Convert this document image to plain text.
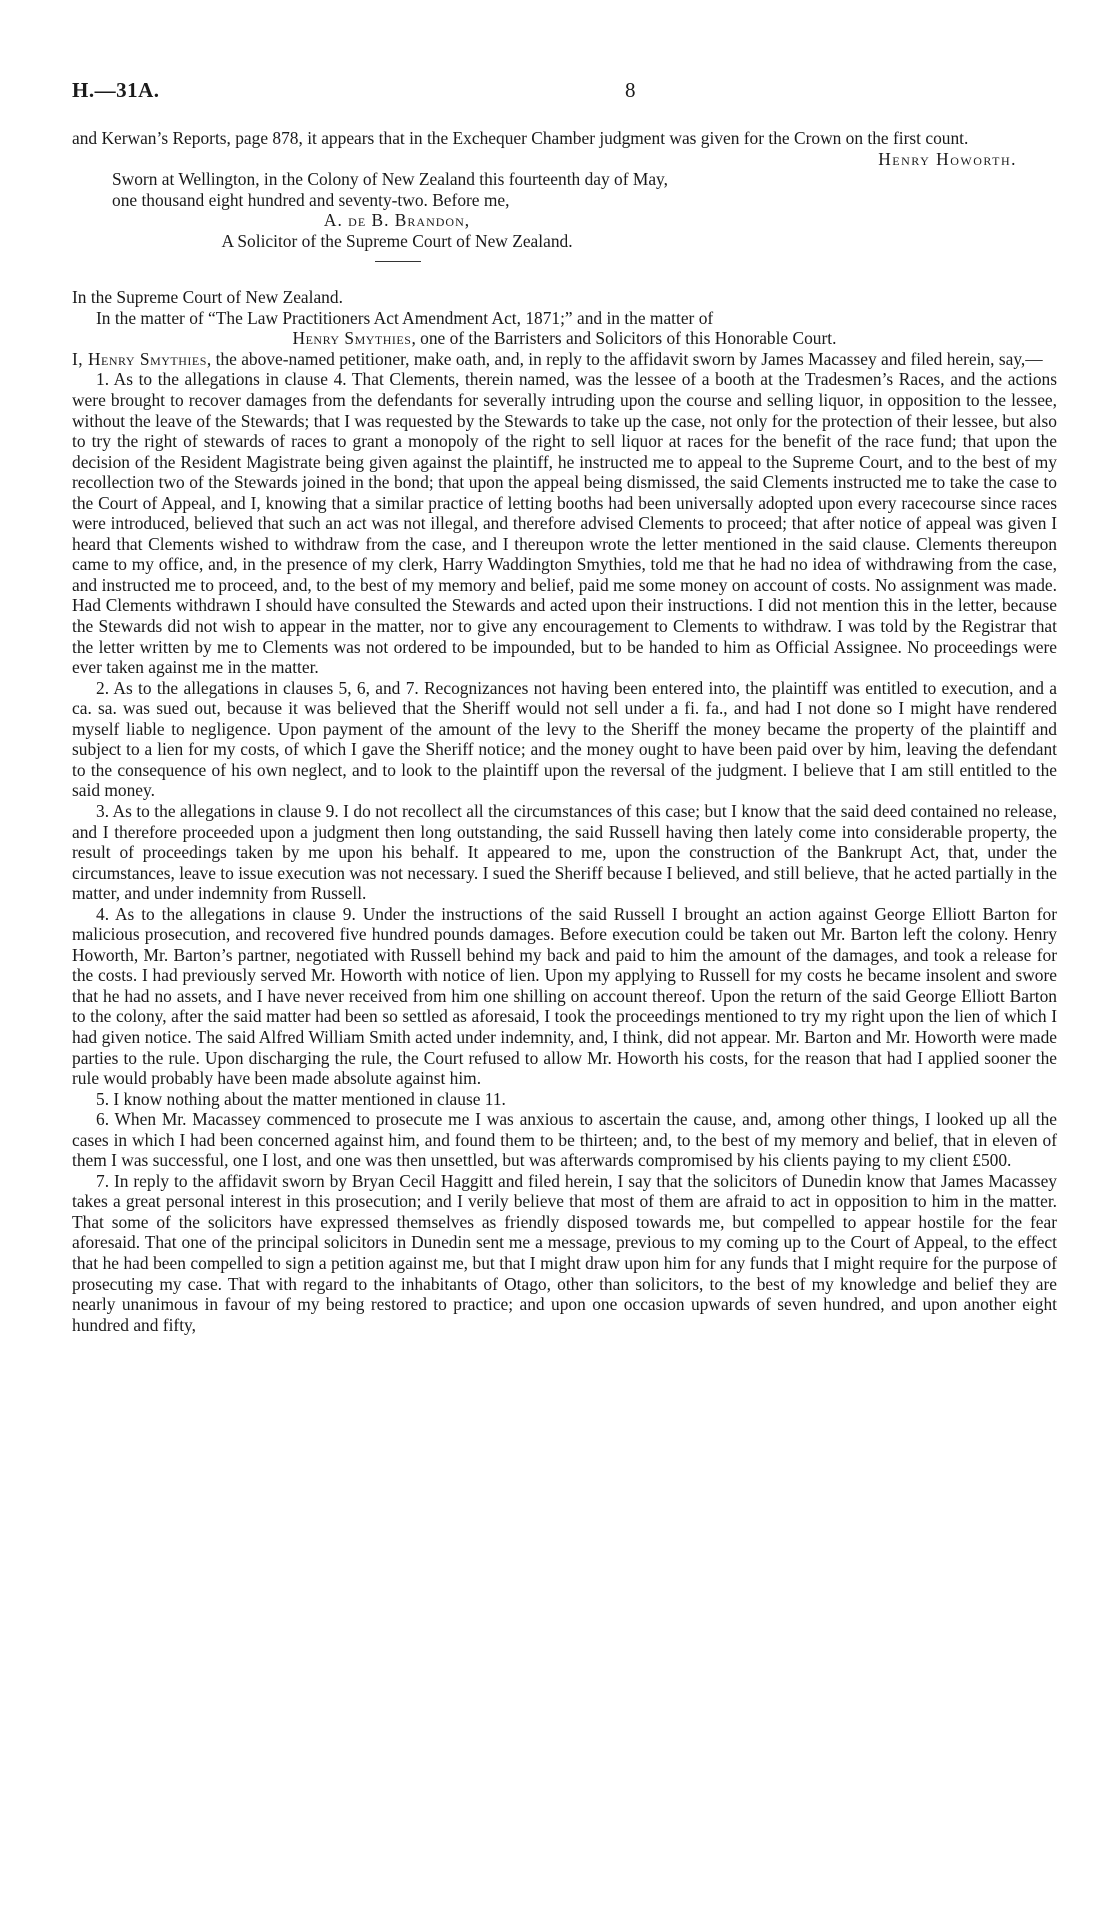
H.—31A.	8

and Kerwan’s Reports, page 878, it appears that in the Exchequer Chamber judgment was given for the Crown on the first count.

Henry Howorth.

Sworn at Wellington, in the Colony of New Zealand this fourteenth day of May, one thousand eight hundred and seventy-two. Before me,

A. de B. Brandon,

A Solicitor of the Supreme Court of New Zealand.

In the Supreme Court of New Zealand.

In the matter of “The Law Practitioners Act Amendment Act, 1871;” and in the matter of

Henry Smythies, one of the Barristers and Solicitors of this Honorable Court.

I, Henry Smythies, the above-named petitioner, make oath, and, in reply to the affidavit sworn by James Macassey and filed herein, say,—

1. As to the allegations in clause 4. That Clements, therein named, was the lessee of a booth at the Tradesmen’s Races, and the actions were brought to recover damages from the defendants for severally intruding upon the course and selling liquor, in opposition to the lessee, without the leave of the Stewards; that I was requested by the Stewards to take up the case, not only for the protection of their lessee, but also to try the right of stewards of races to grant a monopoly of the right to sell liquor at races for the benefit of the race fund; that upon the decision of the Resident Magistrate being given against the plaintiff, he instructed me to appeal to the Supreme Court, and to the best of my recollection two of the Stewards joined in the bond; that upon the appeal being dismissed, the said Clements instructed me to take the case to the Court of Appeal, and I, knowing that a similar practice of letting booths had been universally adopted upon every racecourse since races were introduced, believed that such an act was not illegal, and therefore advised Clements to proceed; that after notice of appeal was given I heard that Clements wished to withdraw from the case, and I thereupon wrote the letter mentioned in the said clause. Clements thereupon came to my office, and, in the presence of my clerk, Harry Waddington Smythies, told me that he had no idea of withdrawing from the case, and instructed me to proceed, and, to the best of my memory and belief, paid me some money on account of costs. No assignment was made. Had Clements withdrawn I should have consulted the Stewards and acted upon their instructions. I did not mention this in the letter, because the Stewards did not wish to appear in the matter, nor to give any encouragement to Clements to withdraw. I was told by the Registrar that the letter written by me to Clements was not ordered to be impounded, but to be handed to him as Official Assignee. No proceedings were ever taken against me in the matter.

2. As to the allegations in clauses 5, 6, and 7. Recognizances not having been entered into, the plaintiff was entitled to execution, and a ca. sa. was sued out, because it was believed that the Sheriff would not sell under a fi. fa., and had I not done so I might have rendered myself liable to negligence. Upon payment of the amount of the levy to the Sheriff the money became the property of the plaintiff and subject to a lien for my costs, of which I gave the Sheriff notice; and the money ought to have been paid over by him, leaving the defendant to the consequence of his own neglect, and to look to the plaintiff upon the reversal of the judgment. I believe that I am still entitled to the said money.

3. As to the allegations in clause 9. I do not recollect all the circumstances of this case; but I know that the said deed contained no release, and I therefore proceeded upon a judgment then long outstanding, the said Russell having then lately come into considerable property, the result of proceedings taken by me upon his behalf. It appeared to me, upon the construction of the Bankrupt Act, that, under the circumstances, leave to issue execution was not necessary. I sued the Sheriff because I believed, and still believe, that he acted partially in the matter, and under indemnity from Russell.

4. As to the allegations in clause 9. Under the instructions of the said Russell I brought an action against George Elliott Barton for malicious prosecution, and recovered five hundred pounds damages. Before execution could be taken out Mr. Barton left the colony. Henry Howorth, Mr. Barton’s partner, negotiated with Russell behind my back and paid to him the amount of the damages, and took a release for the costs. I had previously served Mr. Howorth with notice of lien. Upon my applying to Russell for my costs he became insolent and swore that he had no assets, and I have never received from him one shilling on account thereof. Upon the return of the said George Elliott Barton to the colony, after the said matter had been so settled as aforesaid, I took the proceedings mentioned to try my right upon the lien of which I had given notice. The said Alfred William Smith acted under indemnity, and, I think, did not appear. Mr. Barton and Mr. Howorth were made parties to the rule. Upon discharging the rule, the Court refused to allow Mr. Howorth his costs, for the reason that had I applied sooner the rule would probably have been made absolute against him.

5. I know nothing about the matter mentioned in clause 11.

6. When Mr. Macassey commenced to prosecute me I was anxious to ascertain the cause, and, among other things, I looked up all the cases in which I had been concerned against him, and found them to be thirteen; and, to the best of my memory and belief, that in eleven of them I was successful, one I lost, and one was then unsettled, but was afterwards compromised by his clients paying to my client £500.

7. In reply to the affidavit sworn by Bryan Cecil Haggitt and filed herein, I say that the solicitors of Dunedin know that James Macassey takes a great personal interest in this prosecution; and I verily believe that most of them are afraid to act in opposition to him in the matter. That some of the solicitors have expressed themselves as friendly disposed towards me, but compelled to appear hostile for the fear aforesaid. That one of the principal solicitors in Dunedin sent me a message, previous to my coming up to the Court of Appeal, to the effect that he had been compelled to sign a petition against me, but that I might draw upon him for any funds that I might require for the purpose of prosecuting my case. That with regard to the inhabitants of Otago, other than solicitors, to the best of my knowledge and belief they are nearly unanimous in favour of my being restored to practice; and upon one occasion upwards of seven hundred, and upon another eight hundred and fifty,
